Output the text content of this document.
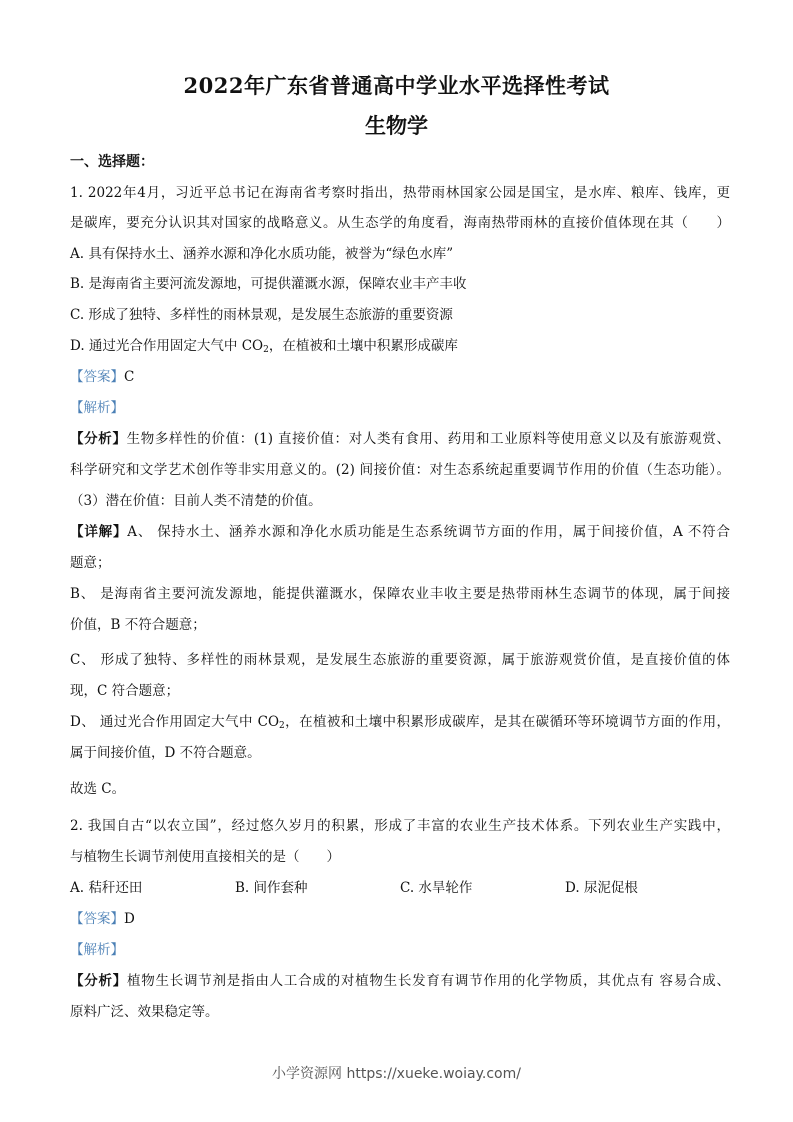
2022年广东省普通高中学业水平选择性考试
生物学
一、选择题：
1. 2022年4月，习近平总书记在海南省考察时指出，热带雨林国家公园是国宝，是水库、粮库、钱库，更
是碳库，要充分认识其对国家的战略意义。从生态学的角度看，海南热带雨林的直接价值体现在其（　　）
A. 具有保持水土、涵养水源和净化水质功能，被誉为“绿色水库”
B. 是海南省主要河流发源地，可提供灌溉水源，保障农业丰产丰收
C. 形成了独特、多样性的雨林景观，是发展生态旅游的重要资源
D. 通过光合作用固定大气中 $CO_2$，在植被和土壤中积累形成碳库
【答案】C
【解析】
【分析】生物多样性的价值：(1) 直接价值：对人类有食用、药用和工业原料等使用意义以及有旅游观赏、
科学研究和文学艺术创作等非实用意义的。(2) 间接价值：对生态系统起重要调节作用的价值（生态功能）。
（3）潜在价值：目前人类不清楚的价值。
【详解】A、 保持水土、涵养水源和净化水质功能是生态系统调节方面的作用，属于间接价值，A 不符合
题意；
B、 是海南省主要河流发源地，能提供灌溉水，保障农业丰收主要是热带雨林生态调节的体现，属于间接
价值，B 不符合题意；
C、 形成了独特、多样性的雨林景观，是发展生态旅游的重要资源，属于旅游观赏价值，是直接价值的体
现，C 符合题意；
D、 通过光合作用固定大气中 $CO_2$，在植被和土壤中积累形成碳库，是其在碳循环等环境调节方面的作用，
属于间接价值，D 不符合题意。
故选 C。
2. 我国自古“以农立国”，经过悠久岁月的积累，形成了丰富的农业生产技术体系。下列农业生产实践中，
与植物生长调节剂使用直接相关的是（　　）
A. 秸秆还田	B. 间作套种	C. 水旱轮作	D. 尿泥促根
【答案】D
【解析】
【分析】植物生长调节剂是指由人工合成的对植物生长发育有调节作用的化学物质，其优点有 容易合成、
原料广泛、效果稳定等。
小学资源网 https://xueke.woiay.com/
